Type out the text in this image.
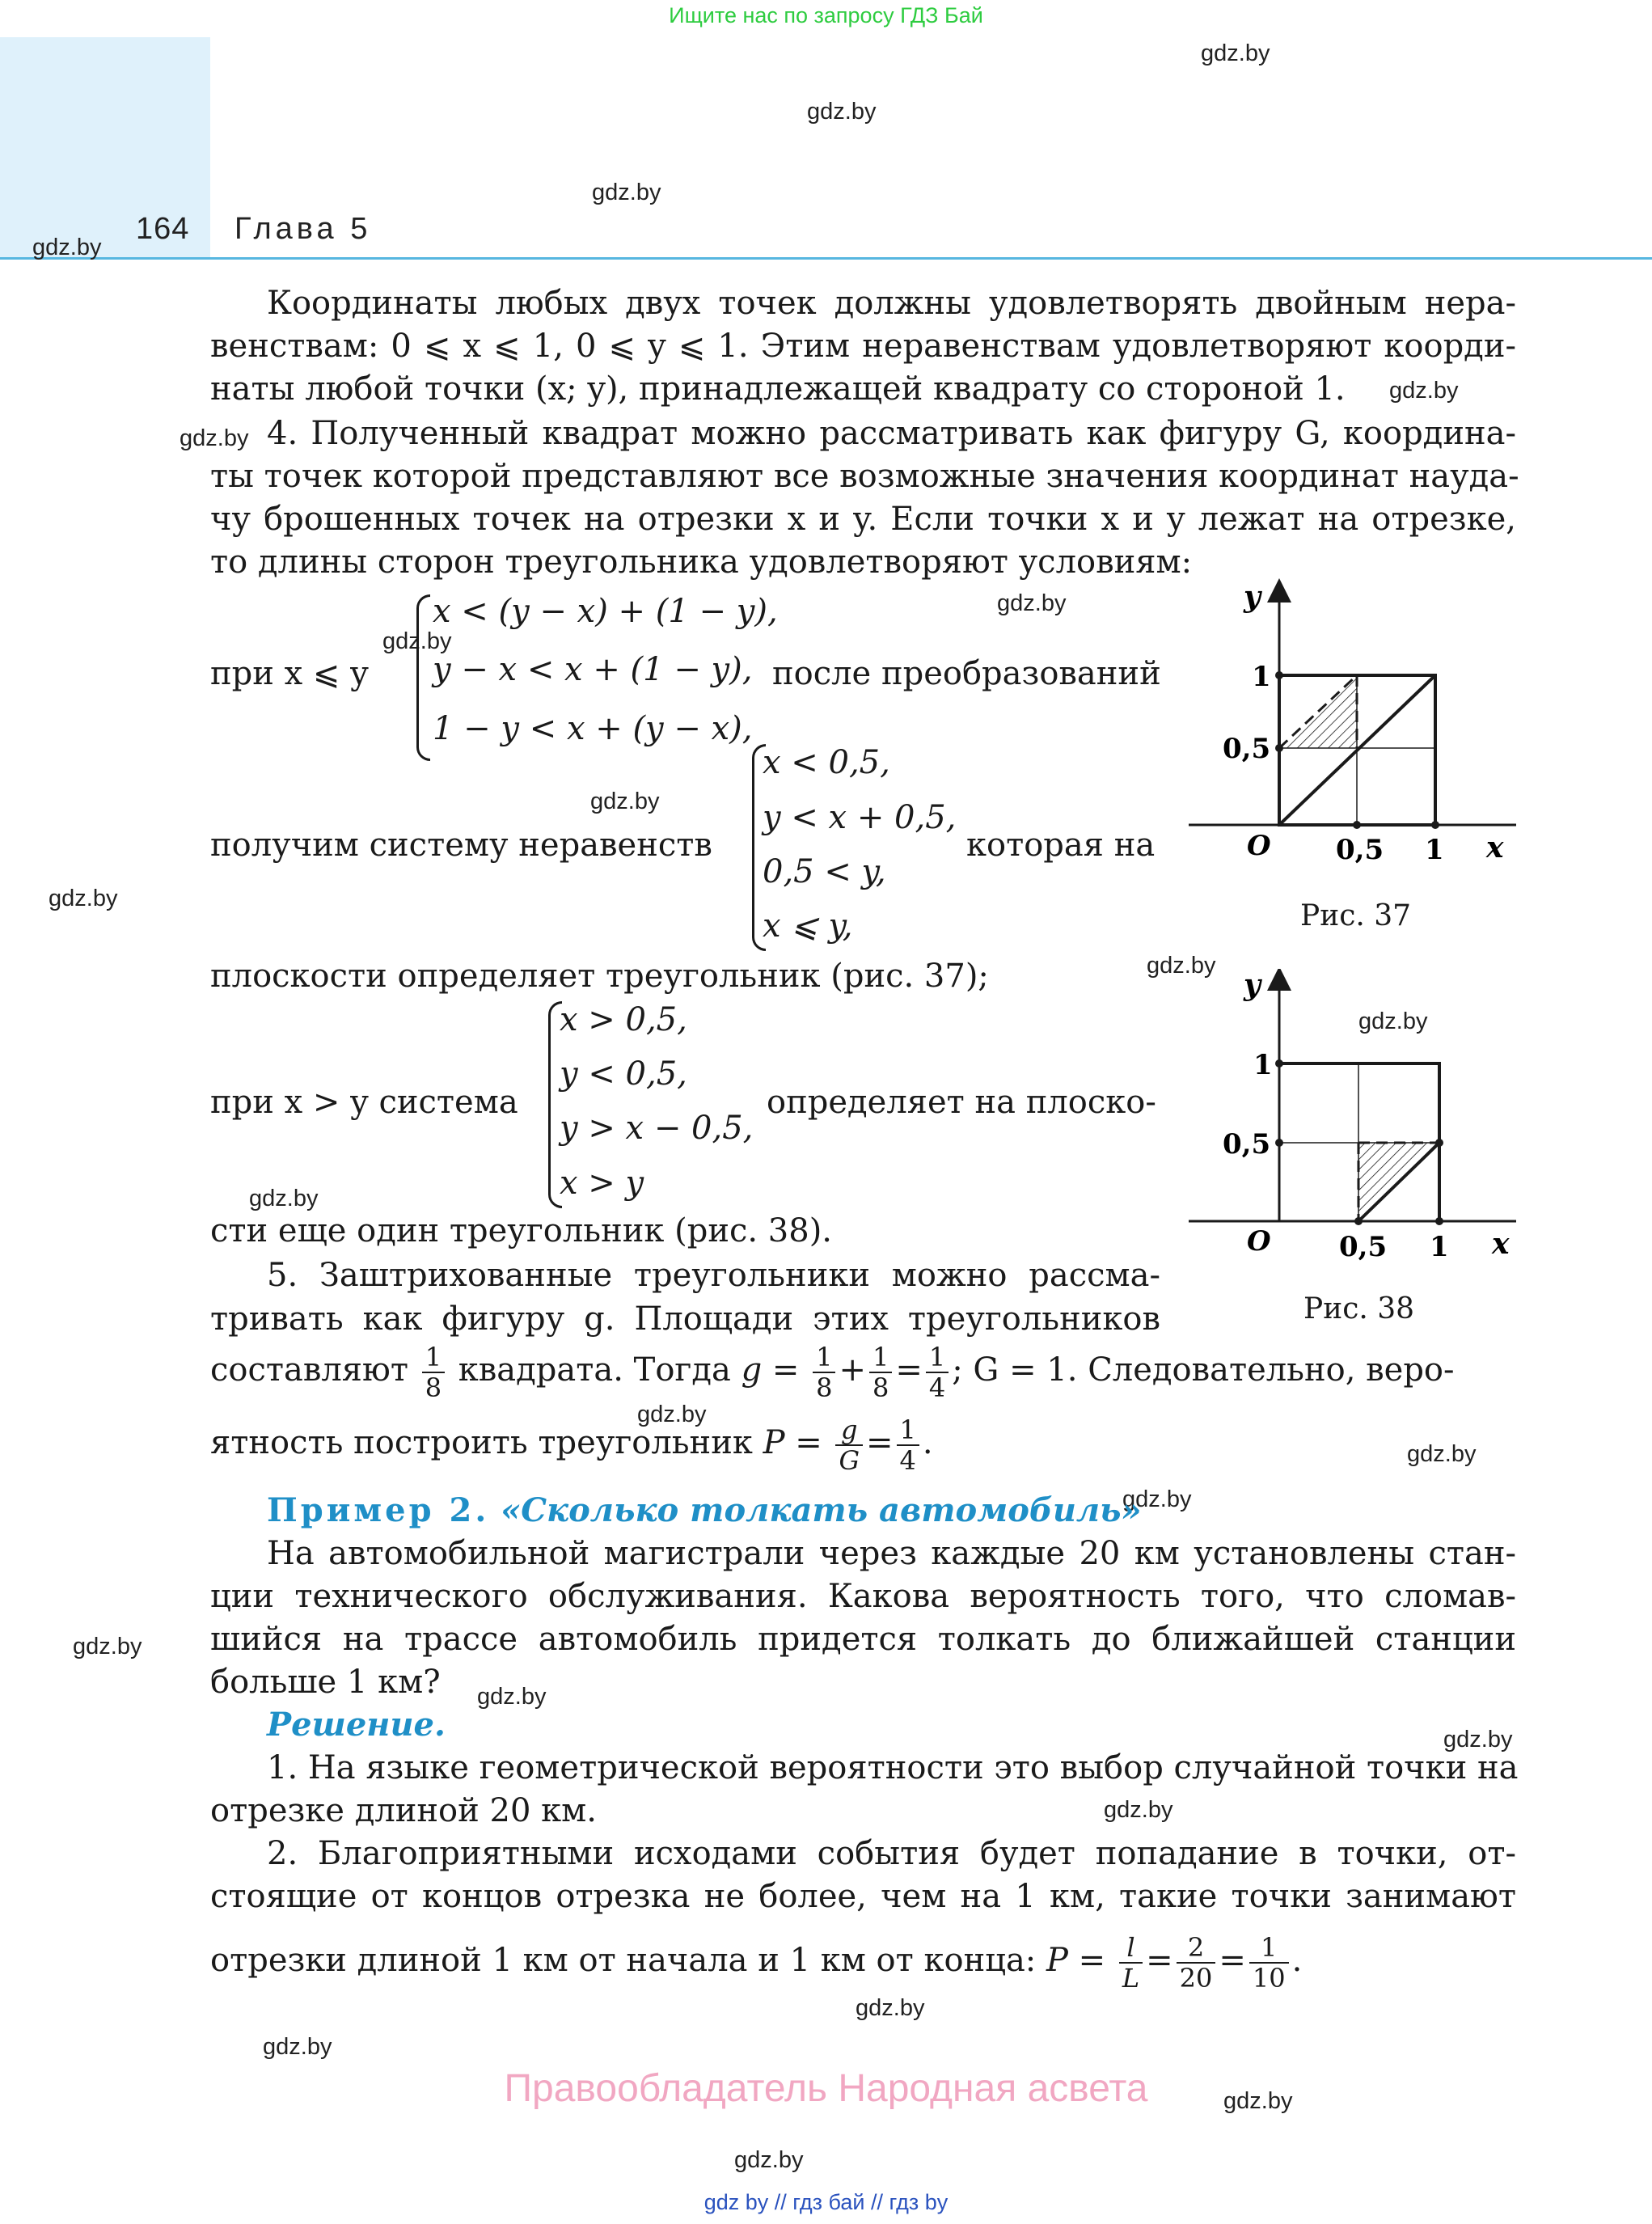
Ищите нас по запросу ГДЗ Бай
164 Глава 5
gdz.by
gdz.by
gdz.by
gdz.by
gdz.by
gdz.by
gdz.by
gdz.by
gdz.by
gdz.by
gdz.by
gdz.by
gdz.by
gdz.by
gdz.by
gdz.by
gdz.by
gdz.by
gdz.by
gdz.by
gdz.by
gdz.by
gdz.by
gdz.by
Координаты любых двух точек должны удовлетворять двойным нера-
венствам: 0 ⩽ x ⩽ 1, 0 ⩽ y ⩽ 1. Этим неравенствам удовлетворяют коорди-
наты любой точки (x; y), принадлежащей квадрату со стороной 1.
4. Полученный квадрат можно рассматривать как фигуру G, координа-
ты точек которой представляют все возможные значения координат науда-
чу брошенных точек на отрезки x и y. Если точки x и y лежат на отрезке,
то длины сторон треугольника удовлетворяют условиям:
при x ⩽ y
x < (y − x) + (1 − y),
y − x < x + (1 − y),
1 − y < x + (y − x),
после преобразований
получим систему неравенств
x < 0,5,
y < x + 0,5,
0,5 < y,
x ⩽ y,
которая на
плоскости определяет треугольник (рис. 37);
при x > y система
x > 0,5,
y < 0,5,
y > x − 0,5,
x > y
определяет на плоско-
сти еще один треугольник (рис. 38).
5. Заштрихованные треугольники можно рассма-
тривать как фигуру g. Площади этих треугольников
составляют $\frac{1}{8}$ квадрата. Тогда $g = \frac{1}{8} + \frac{1}{8} = \frac{1}{4}$ ; G = 1. Следовательно, веро-
ятность построить треугольник $P = \frac{g}{G} = \frac{1}{4}$ .
Пример 2. «Сколько толкать автомобиль»
На автомобильной магистрали через каждые 20 км установлены стан-
ции технического обслуживания. Какова вероятность того, что сломав-
шийся на трассе автомобиль придется толкать до ближайшей станции
больше 1 км?
Решение.
1. На языке геометрической вероятности это выбор случайной точки на
отрезке длиной 20 км.
2. Благоприятными исходами события будет попадание в точки, от-
стоящие от концов отрезка не более, чем на 1 км, такие точки занимают
отрезки длиной 1 км от начала и 1 км от конца: $P = \frac{l}{L} = \frac{2}{20} = \frac{1}{10}$ .
y
1
0,5
O 0,5 1 x
Рис. 37
y
1
0,5
O 0,5 1 x
Рис. 38
Правообладатель Народная асвета
gdz by // гдз бай // гдз by
